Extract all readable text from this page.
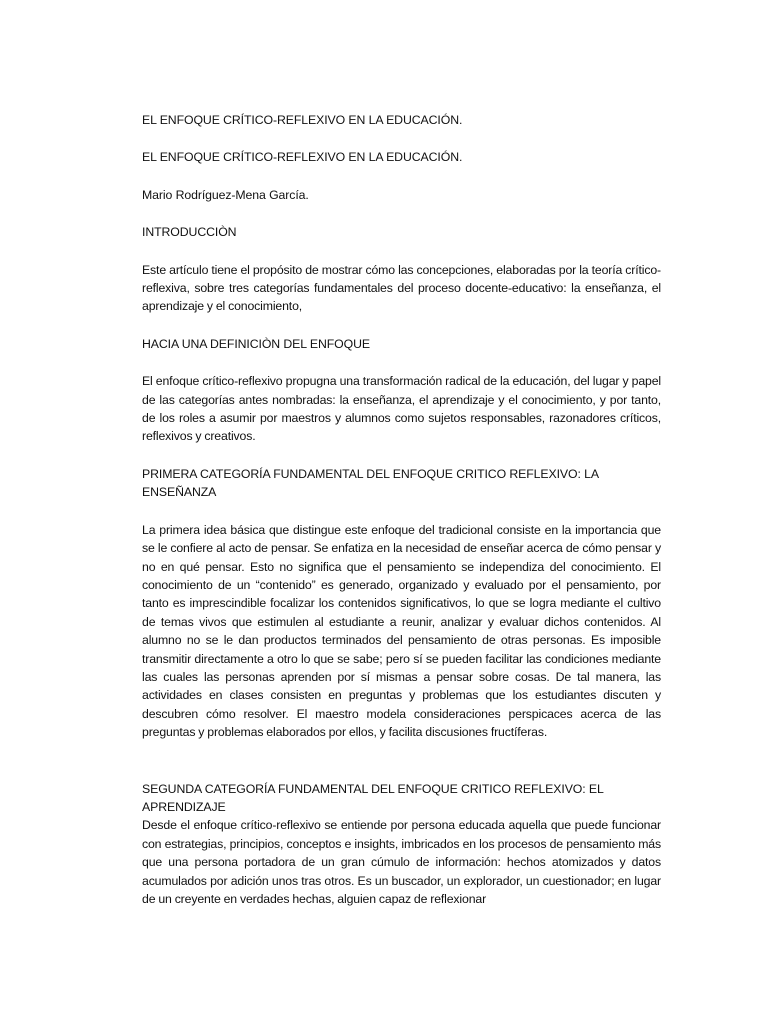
EL ENFOQUE CRÍTICO-REFLEXIVO EN LA EDUCACIÓN.

EL ENFOQUE CRÍTICO-REFLEXIVO EN LA EDUCACIÓN.

Mario Rodríguez-Mena García.

INTRODUCCIÒN

Este artículo tiene el propósito de mostrar cómo las concepciones, elaboradas por la teoría crítico-reflexiva, sobre tres categorías fundamentales del proceso docente-educativo: la enseñanza, el aprendizaje y el conocimiento,

HACIA UNA DEFINICIÒN DEL ENFOQUE

El enfoque crítico-reflexivo propugna una transformación radical de la educación, del lugar y papel de las categorías antes nombradas: la enseñanza, el aprendizaje y el conocimiento, y por tanto, de los roles a asumir por maestros y alumnos como sujetos responsables, razonadores críticos, reflexivos y creativos.

PRIMERA CATEGORÍA FUNDAMENTAL DEL ENFOQUE CRITICO REFLEXIVO: LA ENSEÑANZA

La primera idea básica que distingue este enfoque del tradicional consiste en la importancia que se le confiere al acto de pensar. Se enfatiza en la necesidad de enseñar acerca de cómo pensar y no en qué pensar. Esto no significa que el pensamiento se independiza del conocimiento. El conocimiento de un “contenido” es generado, organizado y evaluado por el pensamiento, por tanto es imprescindible focalizar los contenidos significativos, lo que se logra mediante el cultivo de temas vivos que estimulen al estudiante a reunir, analizar y evaluar dichos contenidos. Al alumno no se le dan productos terminados del pensamiento de otras personas. Es imposible transmitir directamente a otro lo que se sabe; pero sí se pueden facilitar las condiciones mediante las cuales las personas aprenden por sí mismas a pensar sobre cosas. De tal manera, las actividades en clases consisten en preguntas y problemas que los estudiantes discuten y descubren cómo resolver. El maestro modela consideraciones perspicaces acerca de las preguntas y problemas elaborados por ellos, y facilita discusiones fructíferas.

SEGUNDA CATEGORÍA FUNDAMENTAL DEL ENFOQUE CRITICO REFLEXIVO: EL APRENDIZAJE

Desde el enfoque crítico-reflexivo se entiende por persona educada aquella que puede funcionar con estrategias, principios, conceptos e insights, imbricados en los procesos de pensamiento más que una persona portadora de un gran cúmulo de información: hechos atomizados y datos acumulados por adición unos tras otros. Es un buscador, un explorador, un cuestionador; en lugar de un creyente en verdades hechas, alguien capaz de reflexionar
